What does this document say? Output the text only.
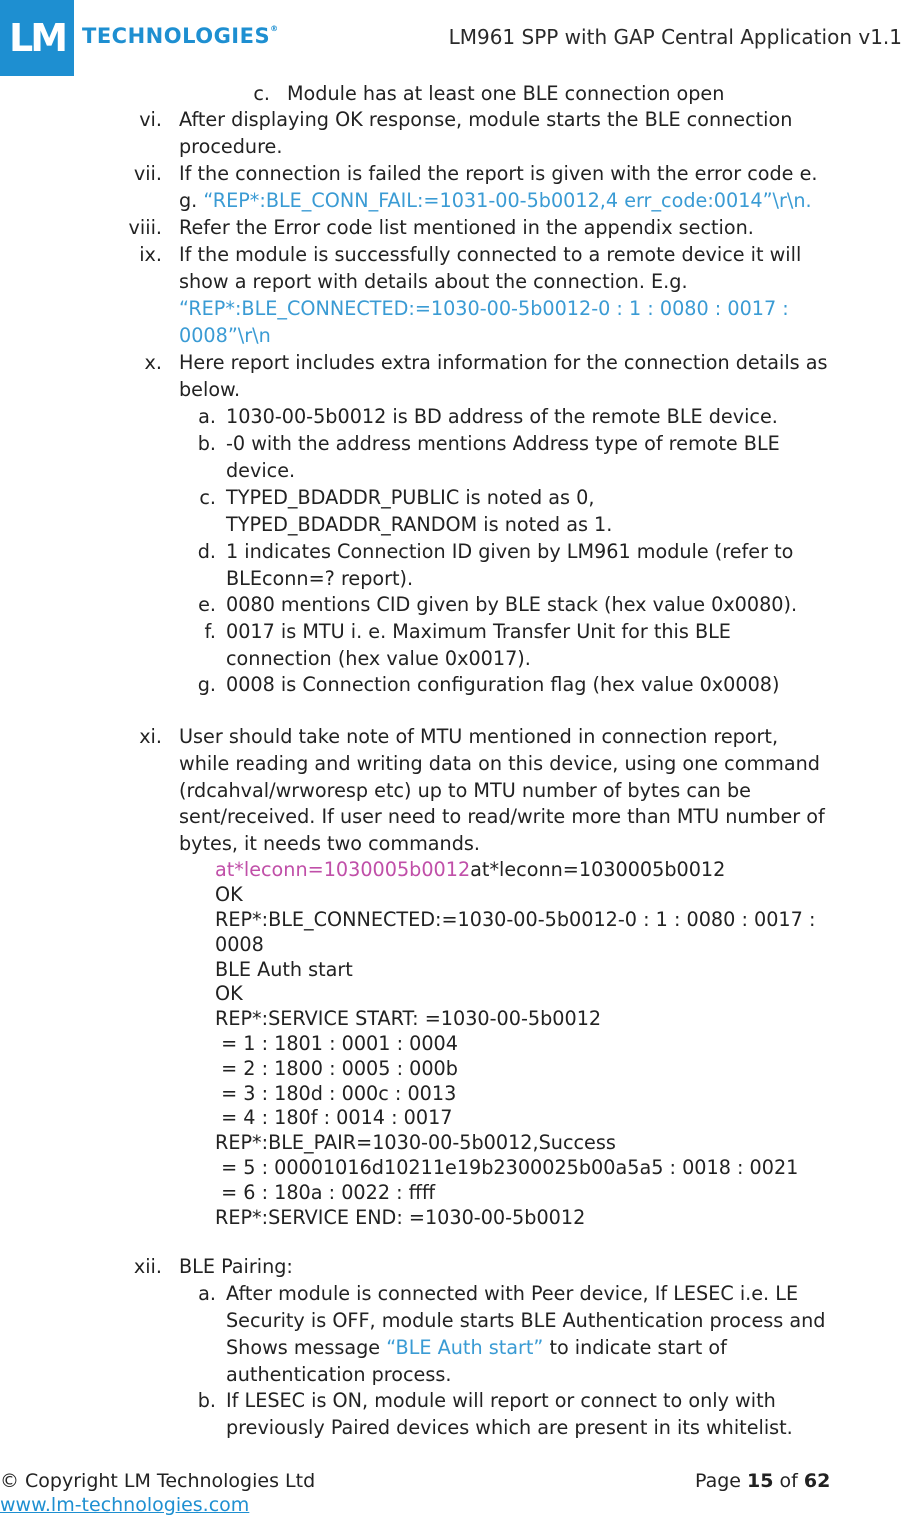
LM TECHNOLOGIES®	LM961 SPP with GAP Central Application v1.1
c. Module has at least one BLE connection open
vi. After displaying OK response, module starts the BLE connection
procedure.
vii. If the connection is failed the report is given with the error code e.
g. “REP*:BLE_CONN_FAIL:=1031-00-5b0012,4 err_code:0014”\r\n.
viii. Refer the Error code list mentioned in the appendix section.
ix. If the module is successfully connected to a remote device it will
show a report with details about the connection. E.g.
“REP*:BLE_CONNECTED:=1030-00-5b0012-0 : 1 : 0080 : 0017 :
0008”\r\n
x. Here report includes extra information for the connection details as
below.
a. 1030-00-5b0012 is BD address of the remote BLE device.
b. -0 with the address mentions Address type of remote BLE
device.
c. TYPED_BDADDR_PUBLIC is noted as 0,
TYPED_BDADDR_RANDOM is noted as 1.
d. 1 indicates Connection ID given by LM961 module (refer to
BLEconn=? report).
e. 0080 mentions CID given by BLE stack (hex value 0x0080).
f. 0017 is MTU i. e. Maximum Transfer Unit for this BLE
connection (hex value 0x0017).
g. 0008 is Connection configuration flag (hex value 0x0008)
xi. User should take note of MTU mentioned in connection report,
while reading and writing data on this device, using one command
(rdcahval/wrworesp etc) up to MTU number of bytes can be
sent/received. If user need to read/write more than MTU number of
bytes, it needs two commands.
at*leconn=1030005b0012at*leconn=1030005b0012
OK
REP*:BLE_CONNECTED:=1030-00-5b0012-0 : 1 : 0080 : 0017 :
0008
BLE Auth start
OK
REP*:SERVICE START: =1030-00-5b0012
= 1 : 1801 : 0001 : 0004
= 2 : 1800 : 0005 : 000b
= 3 : 180d : 000c : 0013
= 4 : 180f : 0014 : 0017
REP*:BLE_PAIR=1030-00-5b0012,Success
= 5 : 00001016d10211e19b2300025b00a5a5 : 0018 : 0021
= 6 : 180a : 0022 : ffff
REP*:SERVICE END: =1030-00-5b0012
xii. BLE Pairing:
a. After module is connected with Peer device, If LESEC i.e. LE
Security is OFF, module starts BLE Authentication process and
Shows message “BLE Auth start” to indicate start of
authentication process.
b. If LESEC is ON, module will report or connect to only with
previously Paired devices which are present in its whitelist.
© Copyright LM Technologies Ltd
www.lm-technologies.com
Page 15 of 62
